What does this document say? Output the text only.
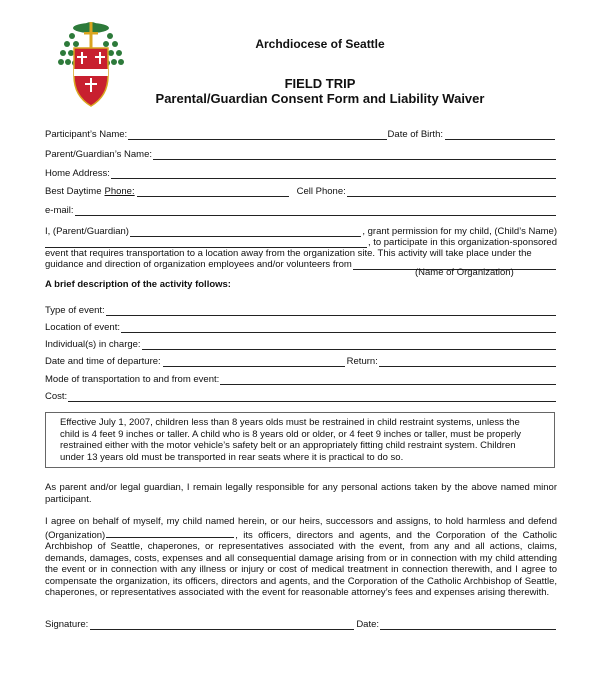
Archdiocese of Seattle
FIELD TRIP
Parental/Guardian Consent Form and Liability Waiver
Participant’s Name:	Date of Birth:
Parent/Guardian’s Name:
Home Address:
Best Daytime Phone:	Cell Phone:
e-mail:
I, (Parent/Guardian)	, grant permission for my child, (Child’s Name)
, to participate in this organization-sponsored
event that requires transportation to a location away from the organization site. This activity will take place under the
guidance and direction of organization employees and/or volunteers from
(Name of Organization)
A brief description of the activity follows:
Type of event:
Location of event:
Individual(s) in charge:
Date and time of departure:	Return:
Mode of transportation to and from event:
Cost:
Effective July 1, 2007, children less than 8 years olds must be restrained in child restraint systems, unless the child is 4 feet 9 inches or taller. A child who is 8 years old or older, or 4 feet 9 inches or taller, must be properly restrained either with the motor vehicle’s safety belt or an appropriately fitting child restraint system. Children under 13 years old must be transported in rear seats where it is practical to do so.
As parent and/or legal guardian, I remain legally responsible for any personal actions taken by the above named minor participant.
I agree on behalf of myself, my child named herein, or our heirs, successors and assigns, to hold harmless and defend (Organization)	, its officers, directors and agents, and the Corporation of the Catholic Archbishop of Seattle, chaperones, or representatives associated with the event, from any and all actions, claims, demands, damages, costs, expenses and all consequential damage arising from or in connection with my child attending the event or in connection with any illness or injury or cost of medical treatment in connection therewith, and I agree to compensate the organization, its officers, directors and agents, and the Corporation of the Catholic Archbishop of Seattle, chaperones, or representatives associated with the event for reasonable attorney’s fees and expenses arising therewith.
Signature:	Date:
